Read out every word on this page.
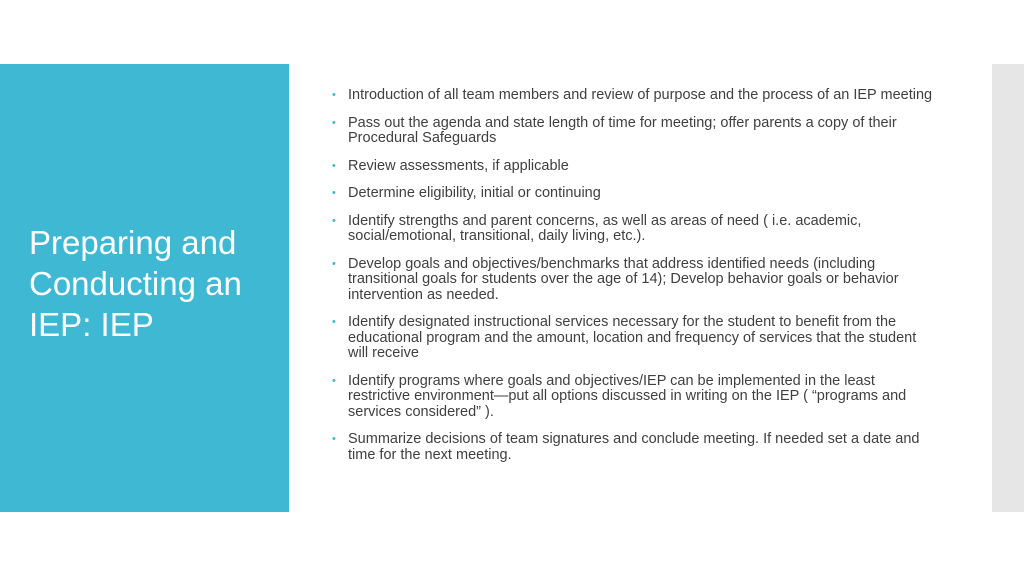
Preparing and Conducting an IEP: IEP
• Introduction of all team members and review of purpose and the process of an IEP meeting
• Pass out the agenda and state length of time for meeting; offer parents a copy of their Procedural Safeguards
• Review assessments, if applicable
• Determine eligibility, initial or continuing
• Identify strengths and parent concerns, as well as areas of need ( i.e. academic, social/emotional, transitional, daily living, etc.).
• Develop goals and objectives/benchmarks that address identified needs (including transitional goals for students over the age of 14); Develop behavior goals or behavior intervention as needed.
• Identify designated instructional services necessary for the student to benefit from the educational program and the amount, location and frequency of services that the student will receive
• Identify programs where goals and objectives/IEP can be implemented in the least restrictive environment—put all options discussed in writing on the IEP ( “programs and services considered” ).
• Summarize decisions of team signatures and conclude meeting. If needed set a date and time for the next meeting.
